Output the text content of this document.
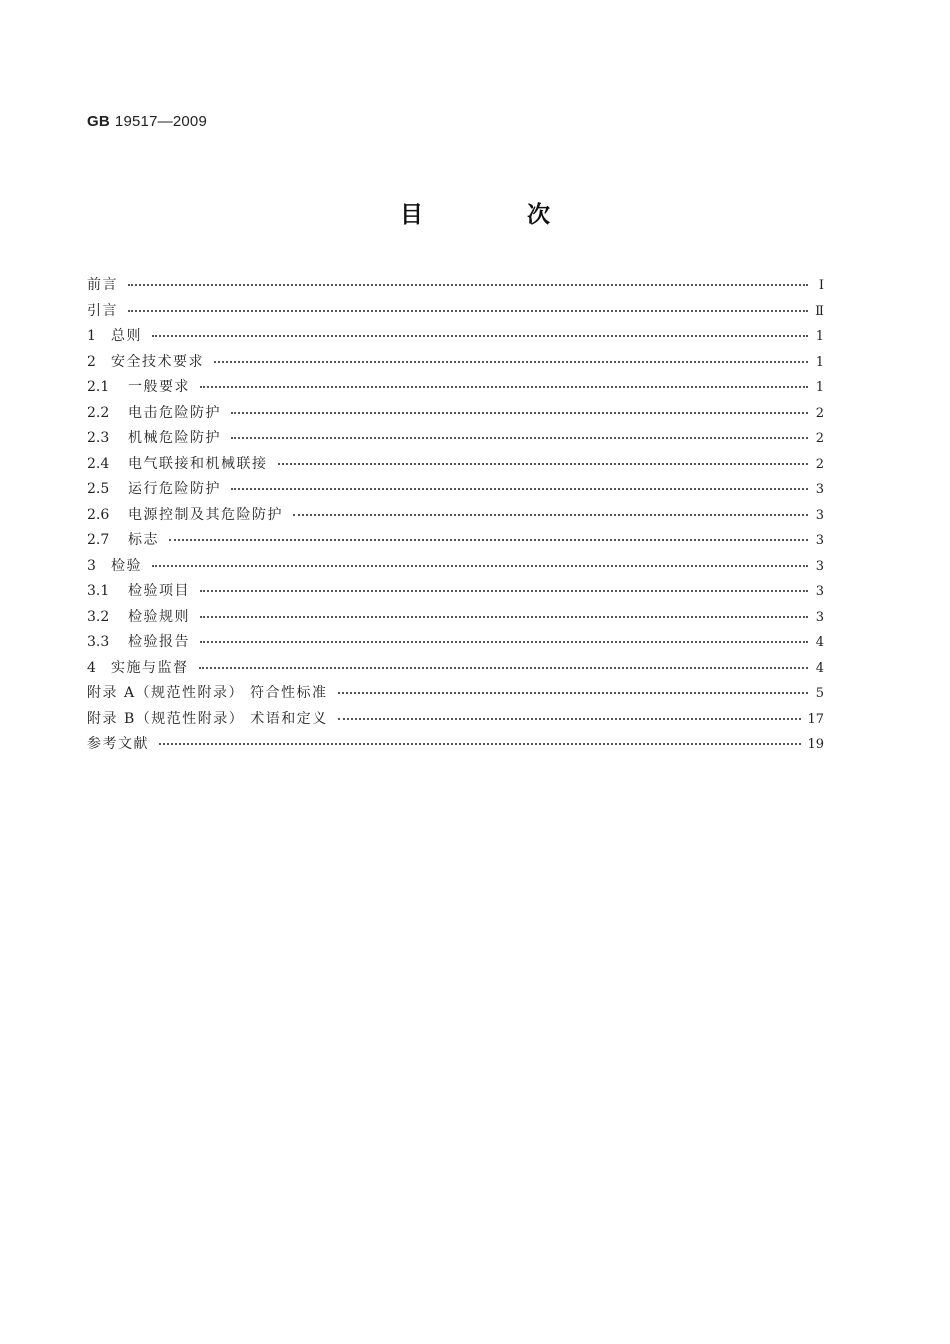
GB 19517—2009
目 次
前言	Ⅰ
引言	Ⅱ
1	总则	1
2	安全技术要求	1
2.1	一般要求	1
2.2	电击危险防护	2
2.3	机械危险防护	2
2.4	电气联接和机械联接	2
2.5	运行危险防护	3
2.6	电源控制及其危险防护	3
2.7	标志	3
3	检验	3
3.1	检验项目	3
3.2	检验规则	3
3.3	检验报告	4
4	实施与监督	4
附录 A（规范性附录） 符合性标准	5
附录 B（规范性附录） 术语和定义	17
参考文献	19
